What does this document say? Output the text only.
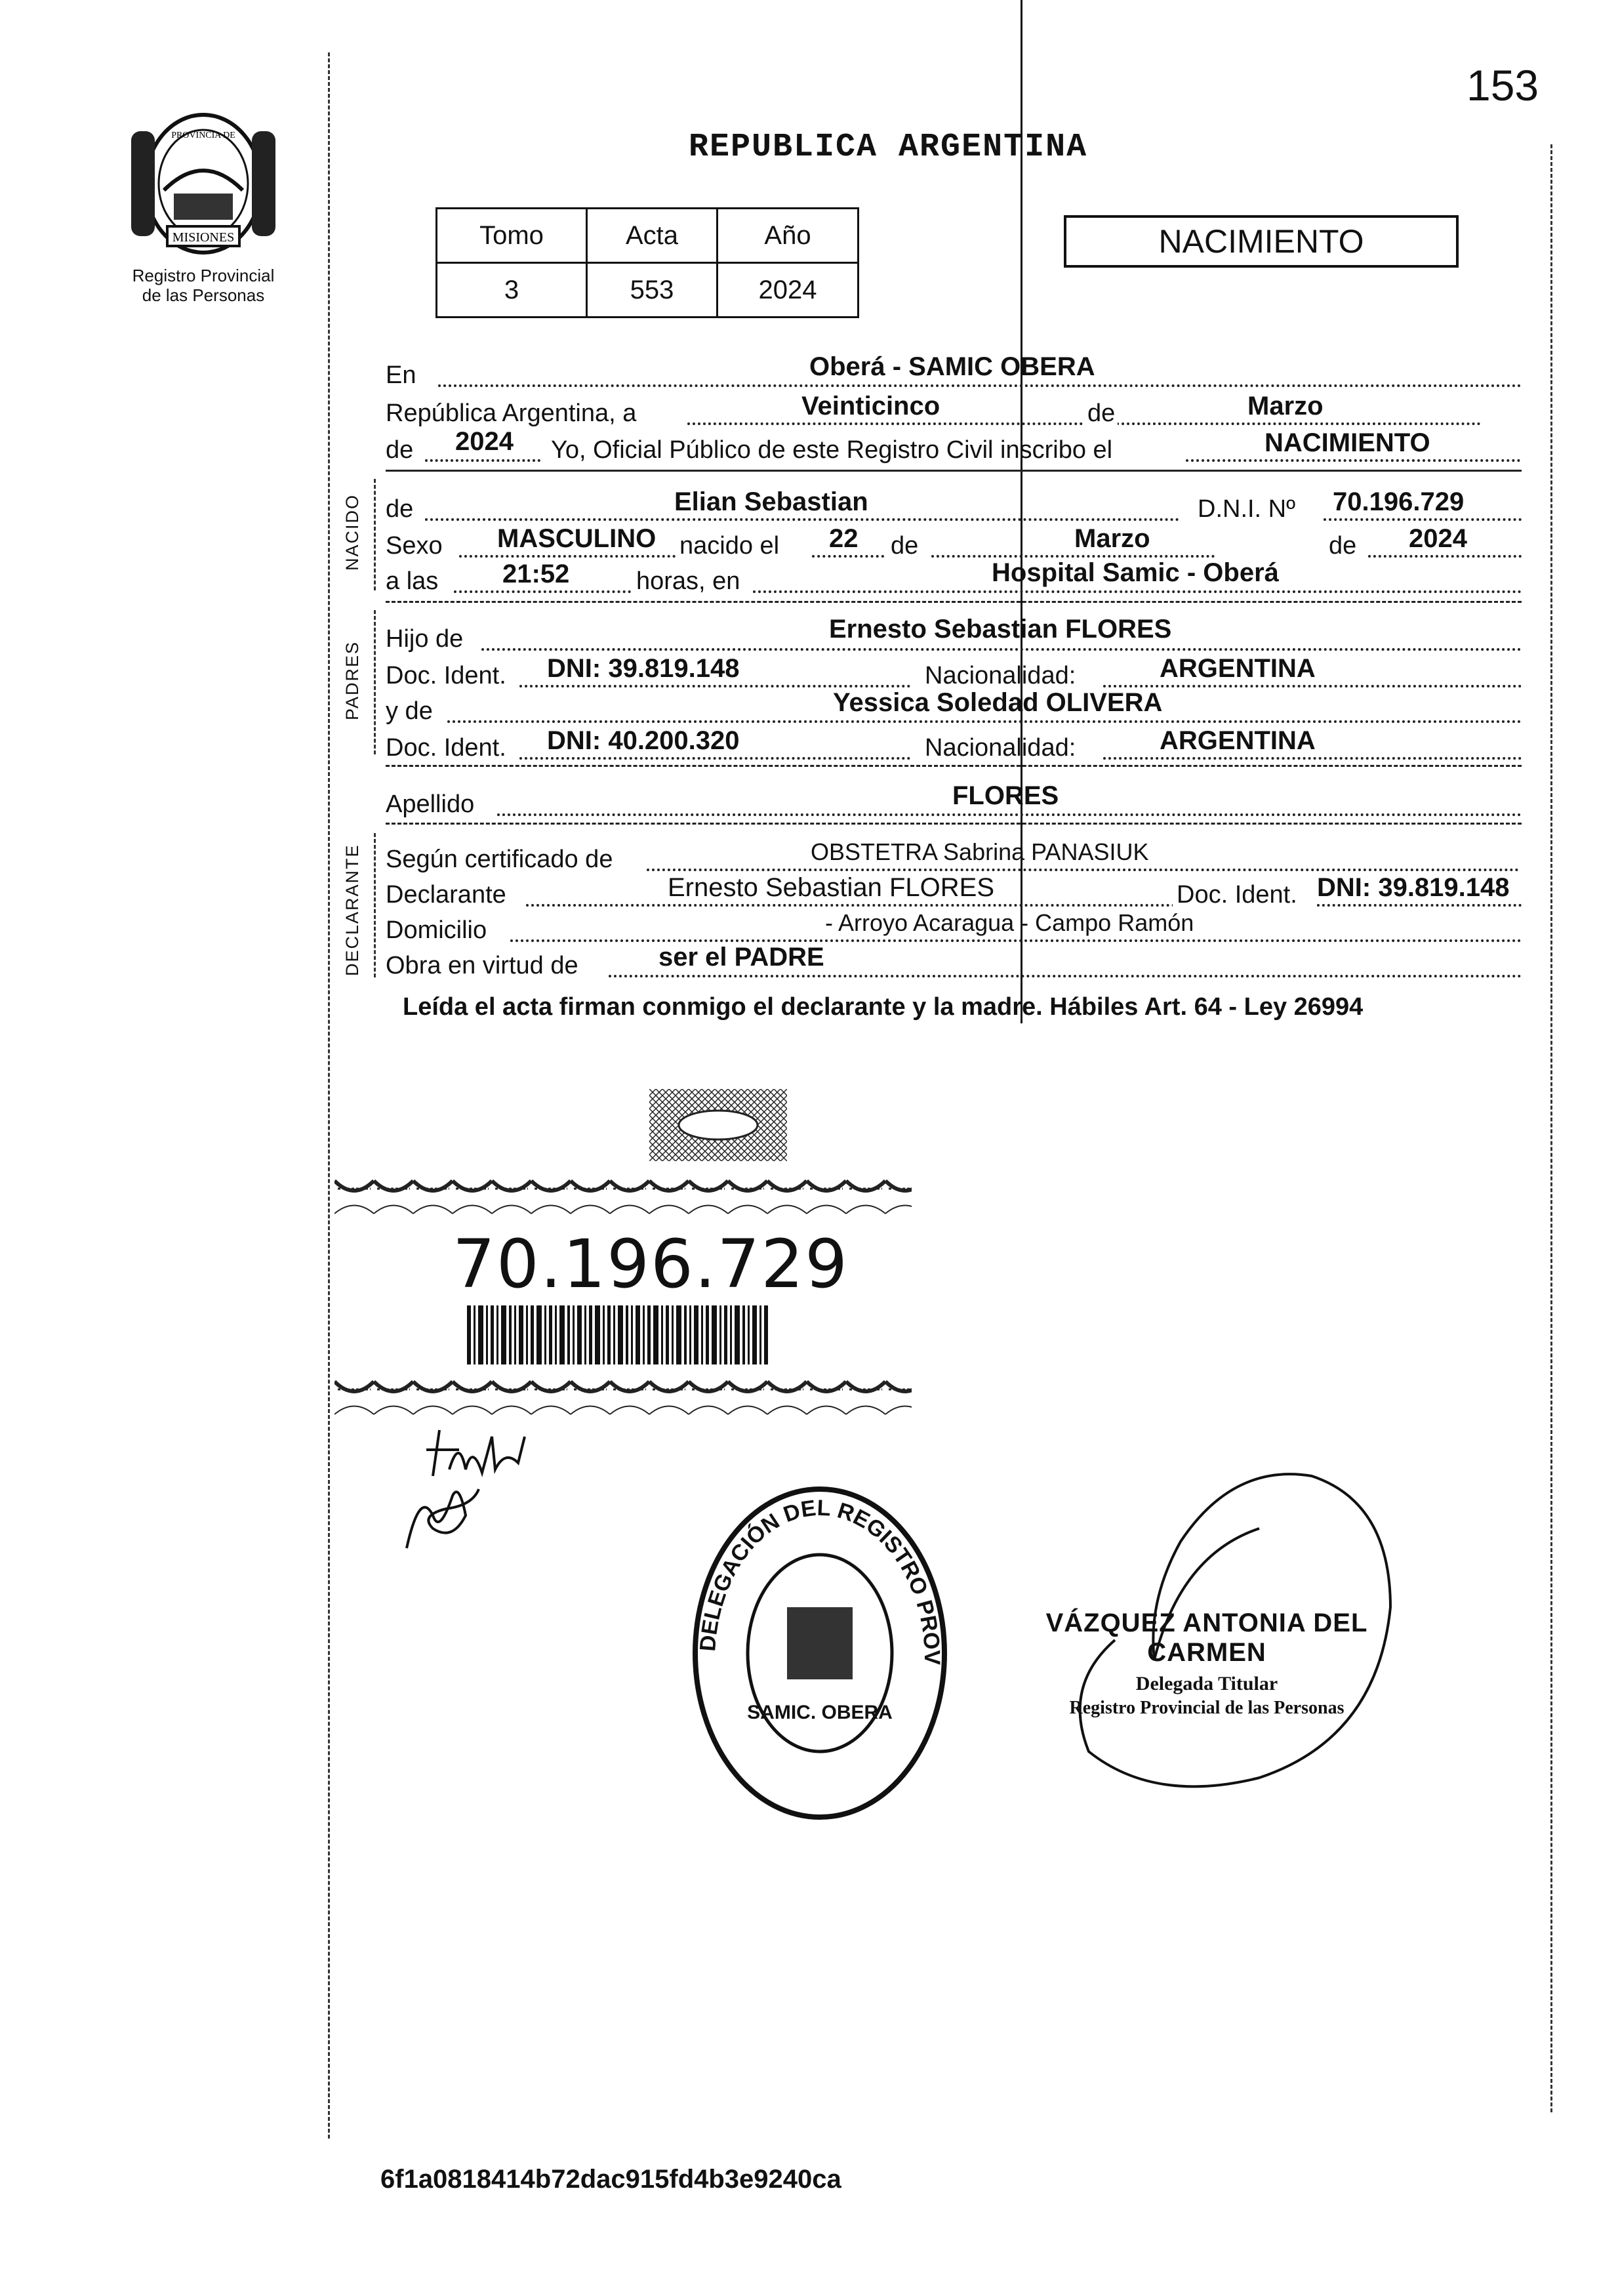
153
MISIONES
PROVINCIA DE
Registro Provincial
de las Personas
REPUBLICA ARGENTINA
Tomo	Acta	Año
3	553	2024
NACIMIENTO
NACIDO
PADRES
DECLARANTE
En	Oberá - SAMIC OBERA
República Argentina, a	Veinticinco	de	Marzo
de 2024 Yo, Oficial Público de este Registro Civil inscribo el	NACIMIENTO
de	Elian Sebastian	D.N.I. Nº 70.196.729
Sexo MASCULINO nacido el 22 de	Marzo	de 2024
a las 21:52	horas, en	Hospital Samic - Oberá
Hijo de	Ernesto Sebastian FLORES
Doc. Ident. DNI: 39.819.148	Nacionalidad:	ARGENTINA
y de	Yessica Soledad OLIVERA
Doc. Ident. DNI: 40.200.320	Nacionalidad:	ARGENTINA
Apellido	FLORES
Según certificado de	OBSTETRA Sabrina PANASIUK
Declarante	Ernesto Sebastian FLORES	Doc. Ident. DNI: 39.819.148
Domicilio	- Arroyo Acaragua - Campo Ramón
Obra en virtud de	ser el PADRE
Leída el acta firman conmigo el declarante y la madre. Hábiles Art. 64 - Ley 26994
70.196.729
DELEGACIÓN DEL REGISTRO PROV
SAMIC. OBERA
VÁZQUEZ ANTONIA DEL CARMEN
Delegada Titular
Registro Provincial de las Personas
6f1a0818414b72dac915fd4b3e9240ca
